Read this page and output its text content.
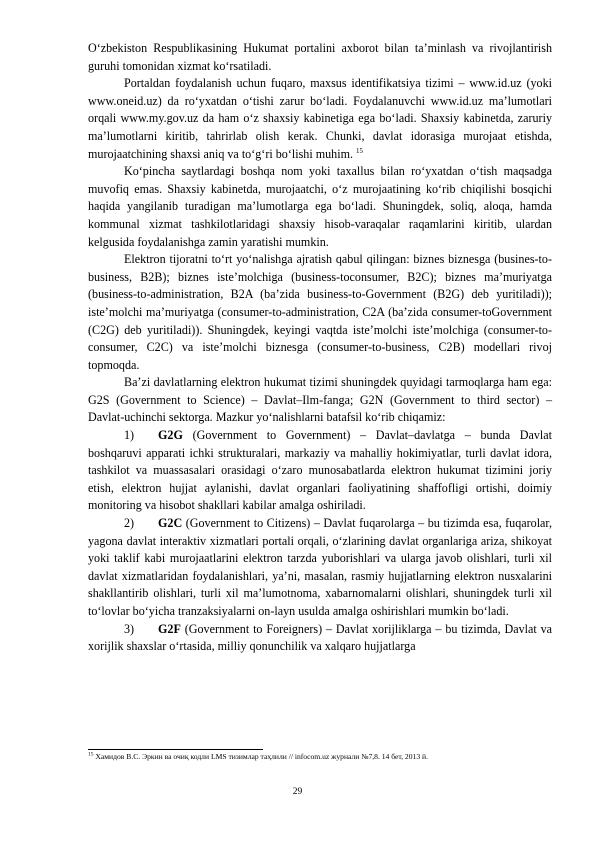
O‘zbekiston Respublikasining Hukumat portalini axborot bilan ta’minlash va rivojlantirish guruhi tomonidan xizmat ko‘rsatiladi.

Portaldan foydalanish uchun fuqaro, maxsus identifikatsiya tizimi – www.id.uz (yoki www.oneid.uz) da ro‘yxatdan o‘tishi zarur bo‘ladi. Foydalanuvchi www.id.uz ma’lumotlari orqali www.my.gov.uz da ham o‘z shaxsiy kabinetiga ega bo‘ladi. Shaxsiy kabinetda, zaruriy ma’lumotlarni kiritib, tahrirlab olish kerak. Chunki, davlat idorasiga murojaat etishda, murojaatchining shaxsi aniq va to‘g‘ri bo‘lishi muhim. $^{15}$

Ko‘pincha saytlardagi boshqa nom yoki taxallus bilan ro‘yxatdan o‘tish maqsadga muvofiq emas. Shaxsiy kabinetda, murojaatchi, o‘z murojaatining ko‘rib chiqilishi bosqichi haqida yangilanib turadigan ma’lumotlarga ega bo‘ladi. Shuningdek, soliq, aloqa, hamda kommunal xizmat tashkilotlaridagi shaxsiy hisob-varaqalar raqamlarini kiritib, ulardan kelgusida foydalanishga zamin yaratishi mumkin.

Elektron tijoratni to‘rt yo‘nalishga ajratish qabul qilingan: biznes biznesga (busines-to-business, B2B); biznes iste’molchiga (business-toconsumer, B2C); biznes ma’muriyatga (business-to-administration, B2A (ba’zida business-to-Government (B2G) deb yuritiladi)); iste’molchi ma’muriyatga (consumer-to-administration, C2A (ba’zida consumer-toGovernment (C2G) deb yuritiladi)). Shuningdek, keyingi vaqtda iste’molchi iste’molchiga (consumer-to- consumer, C2C) va iste’molchi biznesga (consumer-to-business, C2B) modellari rivoj topmoqda.

Ba’zi davlatlarning elektron hukumat tizimi shuningdek quyidagi tarmoqlarga ham ega: G2S (Government to Science) – Davlat–Ilm-fanga; G2N (Government to third sector) – Davlat-uchinchi sektorga. Mazkur yo‘nalishlarni batafsil ko‘rib chiqamiz:

1) G2G (Government to Government) – Davlat–davlatga – bunda Davlat boshqaruvi apparati ichki strukturalari, markaziy va mahalliy hokimiyatlar, turli davlat idora, tashkilot va muassasalari orasidagi o‘zaro munosabatlarda elektron hukumat tizimini joriy etish, elektron hujjat aylanishi, davlat organlari faoliyatining shaffofligi ortishi, doimiy monitoring va hisobot shakllari kabilar amalga oshiriladi.

2) G2C (Government to Citizens) – Davlat fuqarolarga – bu tizimda esa, fuqarolar, yagona davlat interaktiv xizmatlari portali orqali, o‘zlarining davlat organlariga ariza, shikoyat yoki taklif kabi murojaatlarini elektron tarzda yuborishlari va ularga javob olishlari, turli xil davlat xizmatlaridan foydalanishlari, ya’ni, masalan, rasmiy hujjatlarning elektron nusxalarini shakllantirib olishlari, turli xil ma’lumotnoma, xabarnomalarni olishlari, shuningdek turli xil to‘lovlar bo‘yicha tranzaksiyalarni on-layn usulda amalga oshirishlari mumkin bo‘ladi.

3) G2F (Government to Foreigners) – Davlat xorijliklarga – bu tizimda, Davlat va xorijlik shaxslar o‘rtasida, milliy qonunchilik va xalqaro hujjatlarga

$^{15}$ Хамидов В.С. Эркин ва очиқ кодли LMS тизимлар таҳлили // infocom.uz журнали №7,8. 14 бет, 2013 й.
29
